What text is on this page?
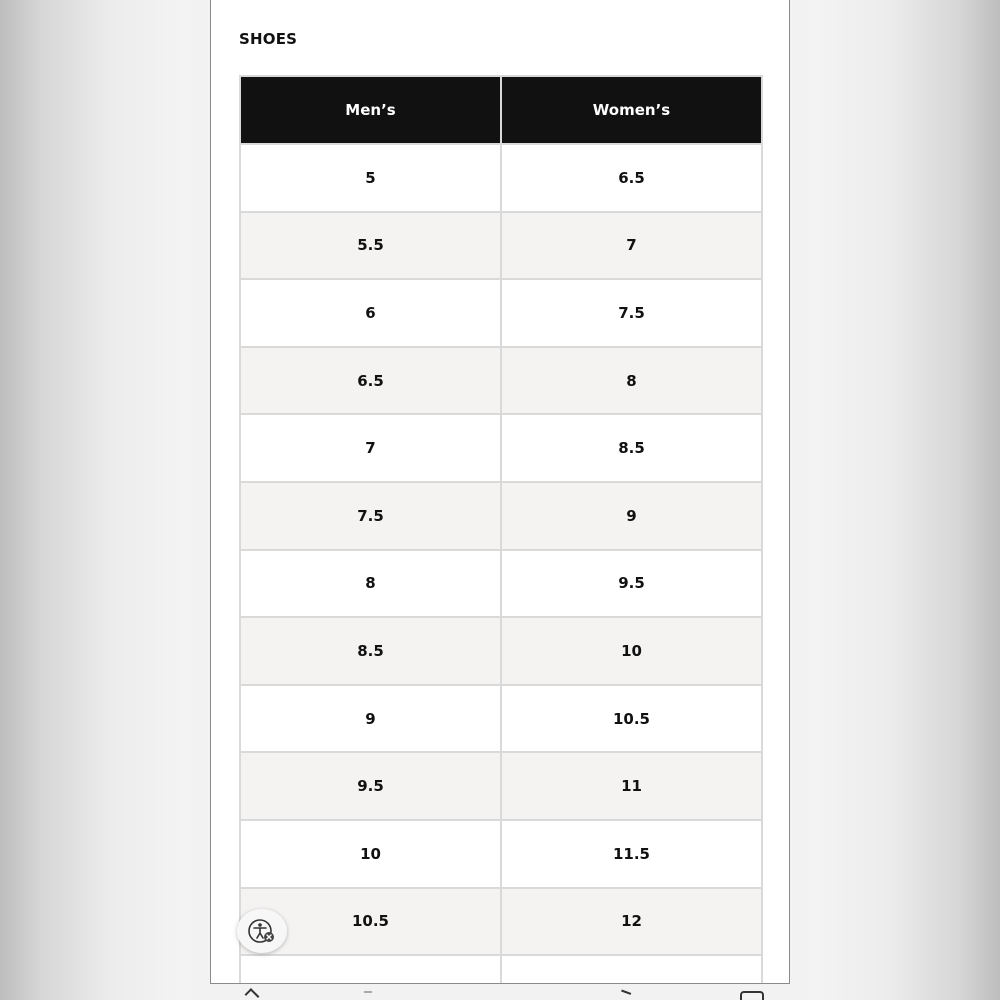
SHOES
Men’s	Women’s
5	6.5
5.5	7
6	7.5
6.5	8
7	8.5
7.5	9
8	9.5
8.5	10
9	10.5
9.5	11
10	11.5
10.5	12
